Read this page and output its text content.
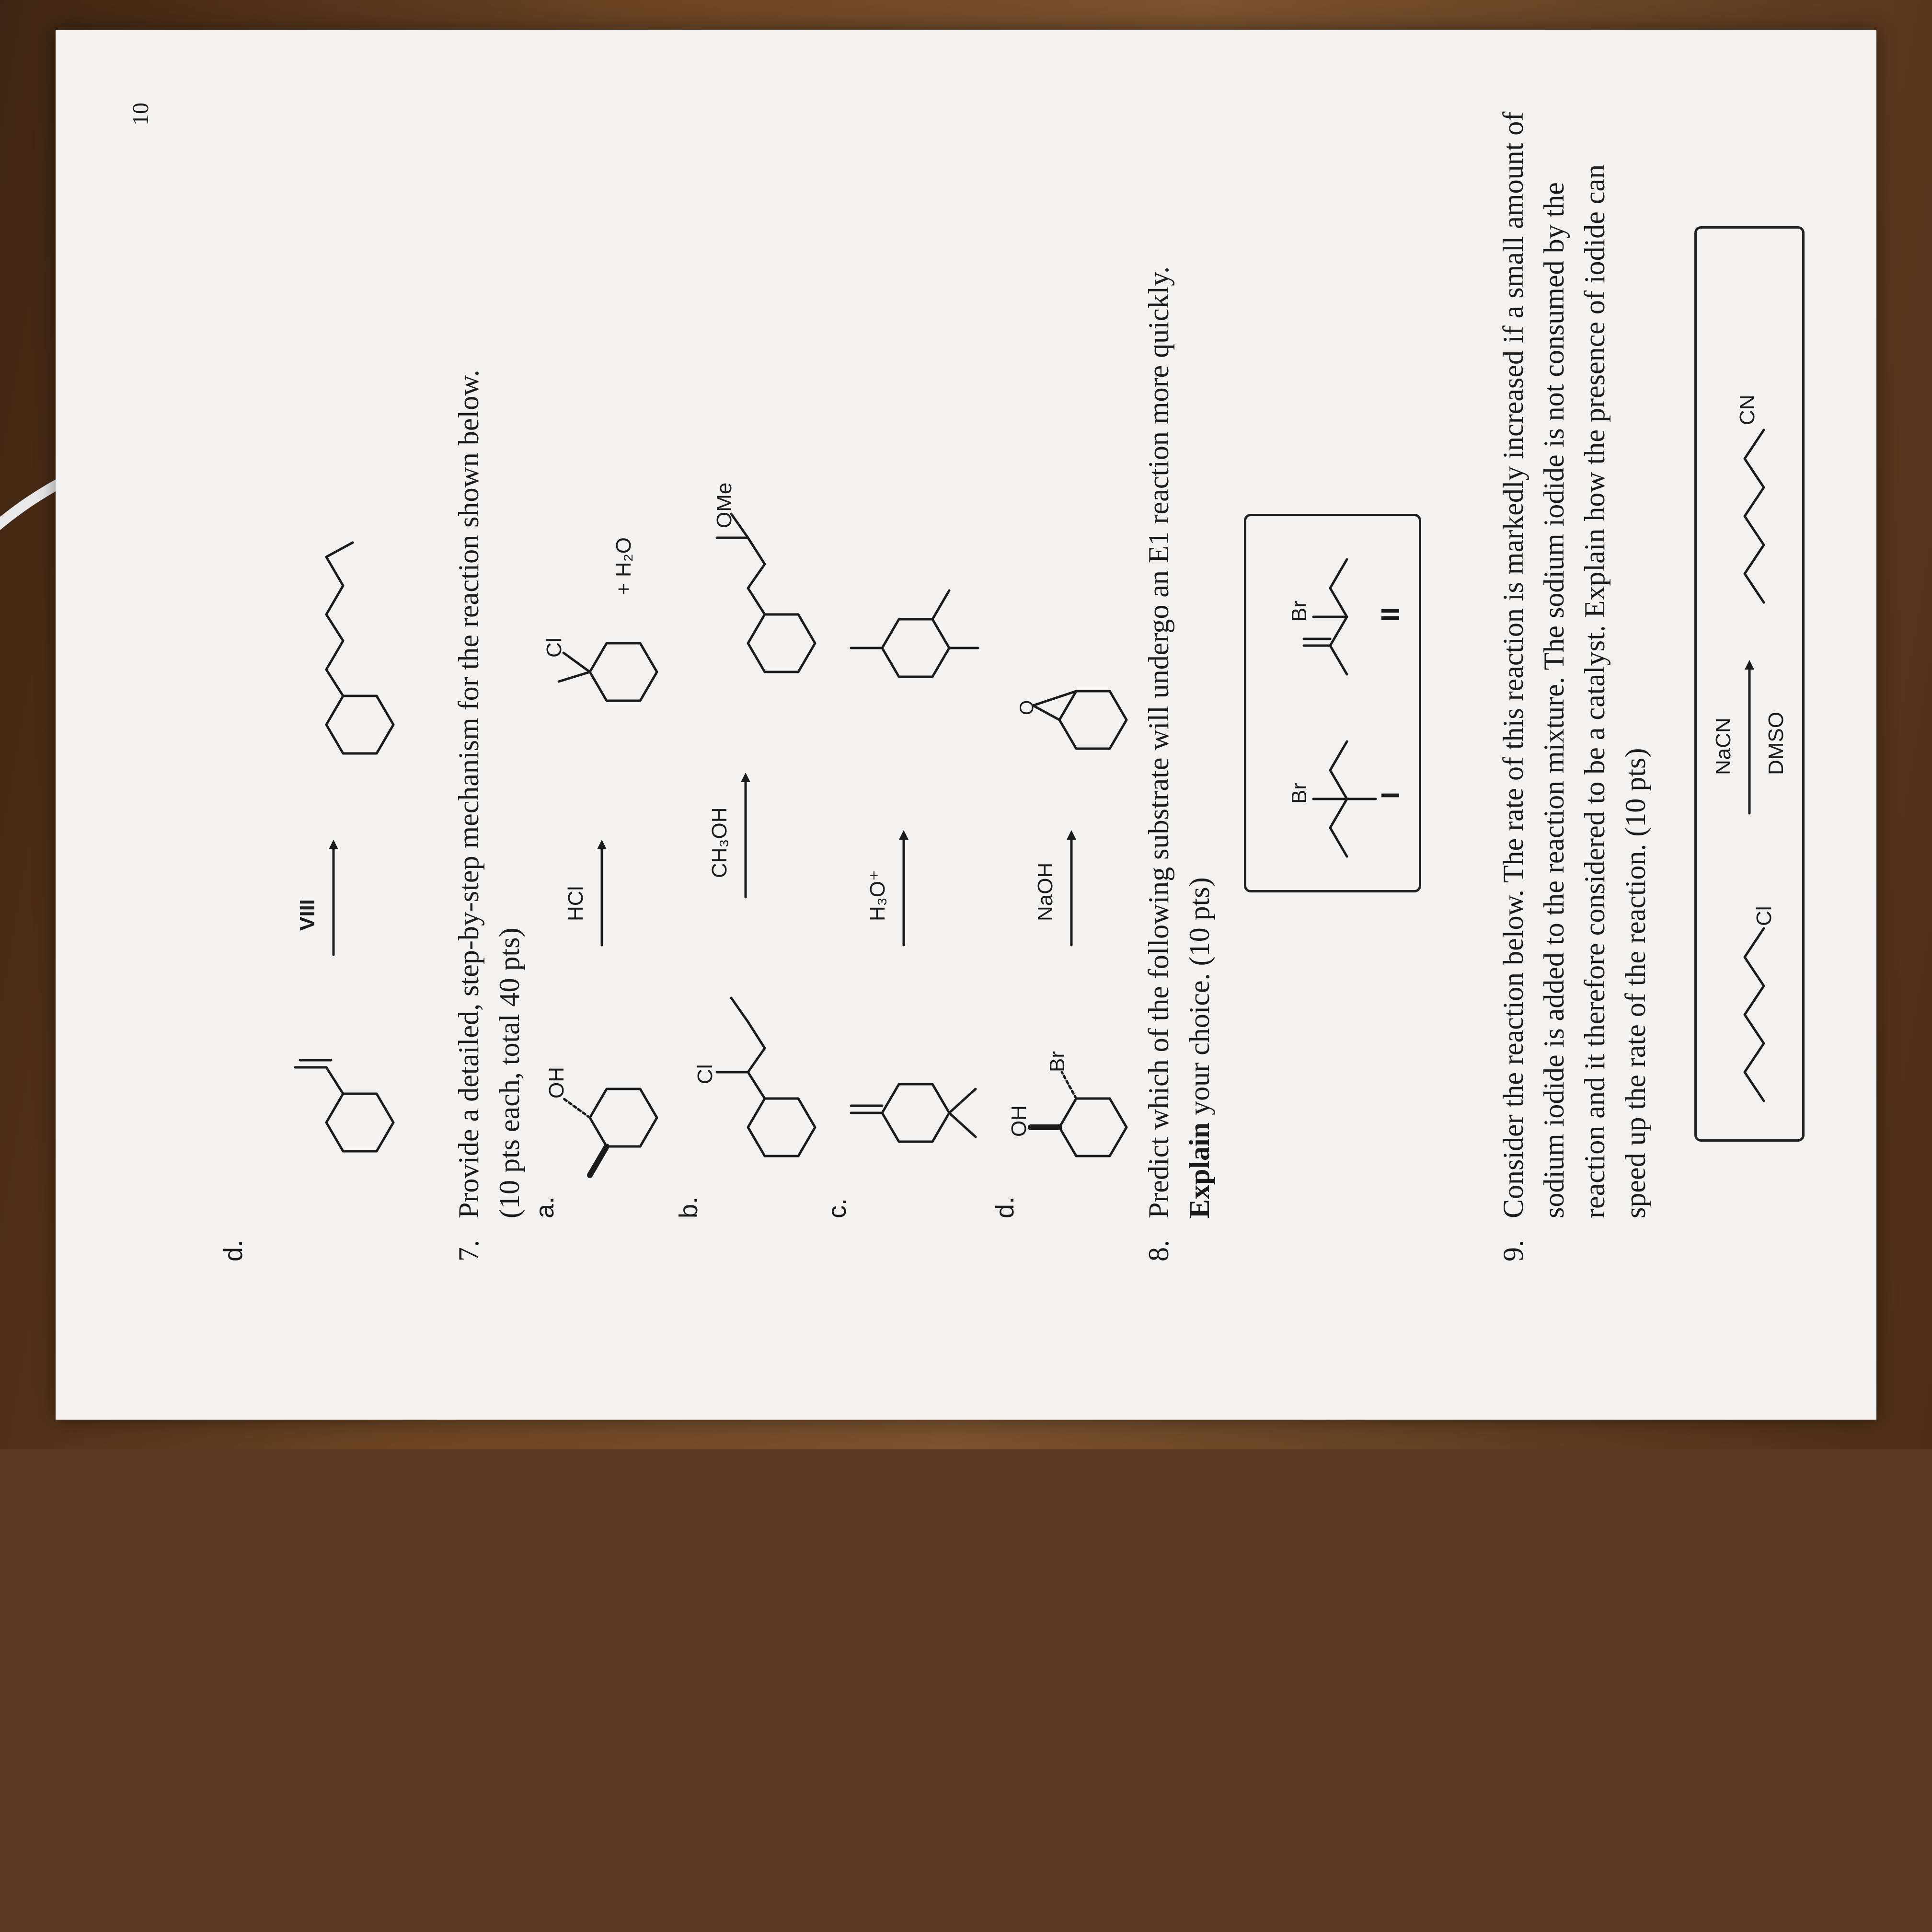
10
d.
VIII
7.
Provide a detailed, step-by-step mechanism for the reaction shown below. (10 pts each, total 40 pts) a.
OH
HCl
Cl
+ H₂O
b.
Cl
CH₃OH
OMe
c.
H₃O⁺
d.
OH
Br
NaOH
O
8.
Predict which of the following substrate will undergo an E1 reaction more quickly. Explain your choice. (10 pts)
Br	I
Br	II
9.
Consider the reaction below. The rate of this reaction is markedly increased if a small amount of sodium iodide is added to the reaction mixture. The sodium iodide is not consumed by the reaction and it therefore considered to be a catalyst. Explain how the presence of iodide can speed up the rate of the reaction. (10 pts)	Cl
NaCN DMSO
CN
